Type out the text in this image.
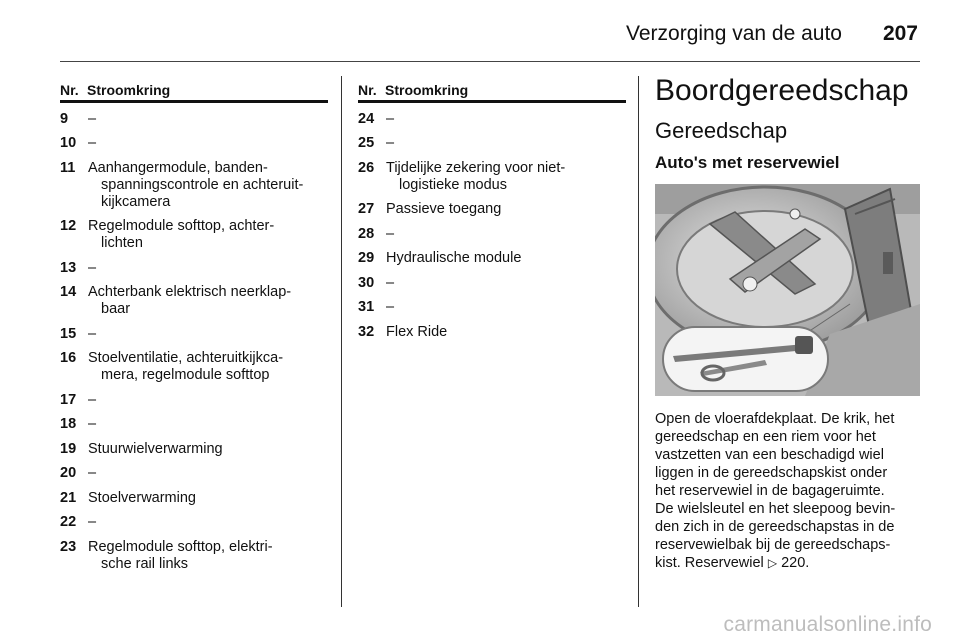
Verzorging van de auto 207
Nr. Stroomkring
9	–
10 –
11 Aanhangermodule, banden-
spanningscontrole en achteruit-
kijkcamera
12 Regelmodule softtop, achter-
lichten
13 –
14 Achterbank elektrisch neerklap-
baar
15 –
16 Stoelventilatie, achteruitkijkca-
mera, regelmodule softtop
17 –
18 –
19 Stuurwielverwarming
20 –
21 Stoelverwarming
22 –
23 Regelmodule softtop, elektri-
sche rail links
Nr. Stroomkring
24 –
25 –
26 Tijdelijke zekering voor niet-
logistieke modus
27 Passieve toegang
28 –
29 Hydraulische module
30 –
31 –
32 Flex Ride
Boordgereedschap
Gereedschap
Auto's met reservewiel
Open de vloerafdekplaat. De krik, het
gereedschap en een riem voor het
vastzetten van een beschadigd wiel
liggen in de gereedschapskist onder
het reservewiel in de bagageruimte.
De wielsleutel en het sleepoog bevin-
den zich in de gereedschapstas in de
reservewielbak bij de gereedschaps-
kist. Reservewiel ▷ 220.
carmanualsonline.info
